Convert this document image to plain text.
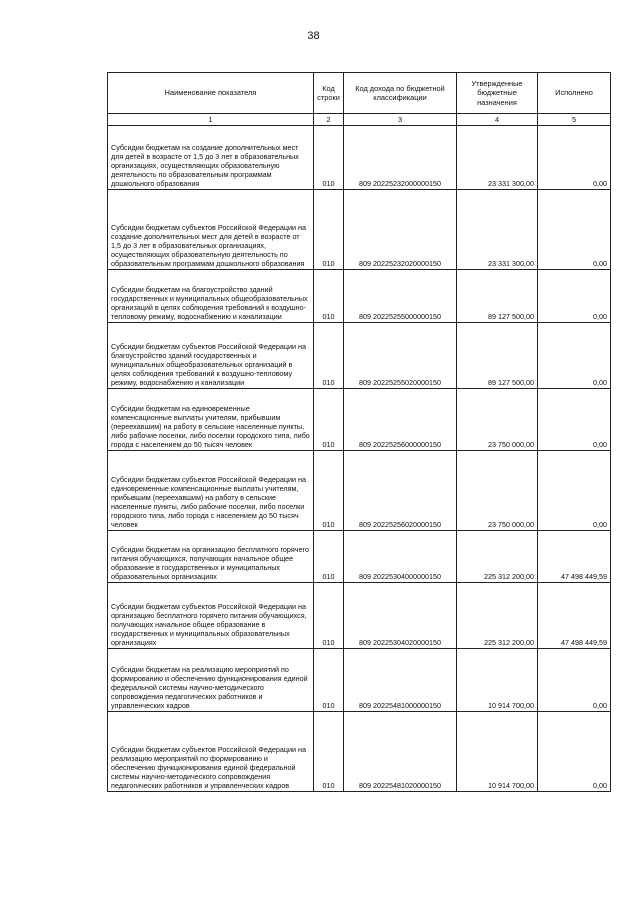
38
Наименование показателя	Код строки	Код дохода по бюджетной классификации	Утвержденные бюджетные назначения	Исполнено
1	2	3	4	5
Субсидии бюджетам на создание дополнительных мест для детей в возрасте от 1,5 до 3 лет в образовательных организациях, осуществляющих образовательную деятельность по образовательным программам дошкольного образования	010	809 20225232000000150	23 331 300,00	0,00
Субсидии бюджетам субъектов Российской Федерации на создание дополнительных мест для детей в возрасте от 1,5 до 3 лет в образовательных организациях, осуществляющих образовательную деятельность по образовательным программам дошкольного образования	010	809 20225232020000150	23 331 300,00	0,00
Субсидии бюджетам на благоустройство зданий государственных и муниципальных общеобразовательных организаций в целях соблюдения требований к воздушно-тепловому режиму, водоснабжению и канализации	010	809 20225255000000150	89 127 500,00	0,00
Субсидии бюджетам субъектов Российской Федерации на благоустройство зданий государственных и муниципальных общеобразовательных организаций в целях соблюдения требований к воздушно-тепловому режиму, водоснабжению и канализации	010	809 20225255020000150	89 127 500,00	0,00
Субсидии бюджетам на единовременные компенсационные выплаты учителям, прибывшим (переехавшим) на работу в сельские населенные пункты, либо рабочие поселки, либо поселки городского типа, либо города с населением до 50 тысяч человек	010	809 20225256000000150	23 750 000,00	0,00
Субсидии бюджетам субъектов Российской Федерации на единовременные компенсационные выплаты учителям, прибывшим (переехавшим) на работу в сельские населенные пункты, либо рабочие поселки, либо поселки городского типа, либо города с населением до 50 тысяч человек	010	809 20225256020000150	23 750 000,00	0,00
Субсидии бюджетам на организацию бесплатного горячего питания обучающихся, получающих начальное общее образование в государственных и муниципальных образовательных организациях	010	809 20225304000000150	225 312 200,00	47 498 449,59
Субсидии бюджетам субъектов Российской Федерации на организацию бесплатного горячего питания обучающихся, получающих начальное общее образование в государственных и муниципальных образовательных организациях	010	809 20225304020000150	225 312 200,00	47 498 449,59
Субсидии бюджетам на реализацию мероприятий по формированию и обеспечению функционирования единой федеральной системы научно-методического сопровождения педагогических работников и управленческих кадров	010	809 20225481000000150	10 914 700,00	0,00
Субсидии бюджетам субъектов Российской Федерации на реализацию мероприятий по формированию и обеспечению функционирования единой федеральной системы научно-методического сопровождения педагогических работников и управленческих кадров	010	809 20225481020000150	10 914 700,00	0,00
